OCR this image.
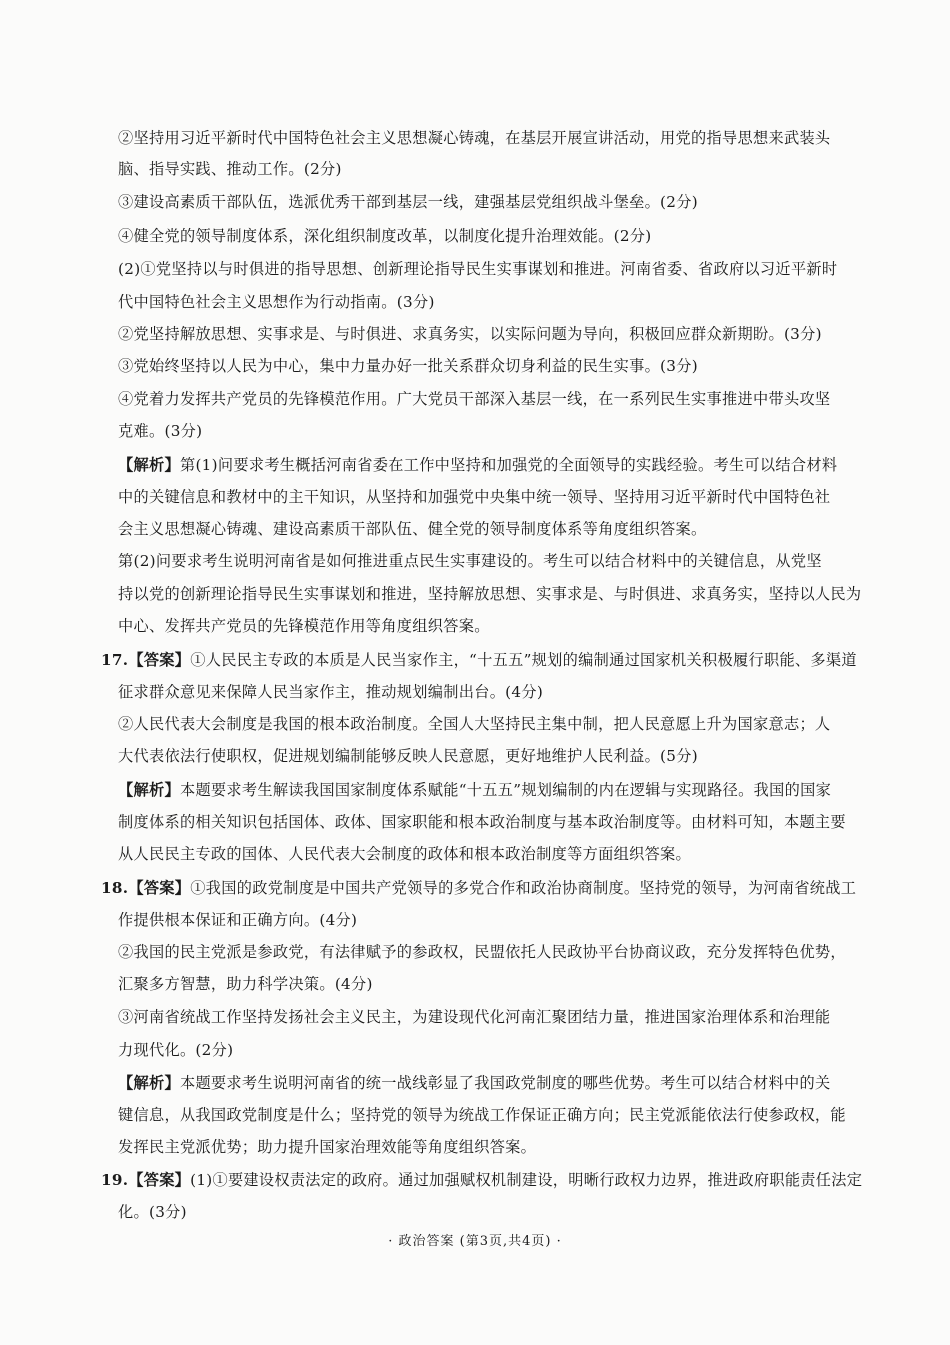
②坚持用习近平新时代中国特色社会主义思想凝心铸魂，在基层开展宣讲活动，用党的指导思想来武装头
脑、指导实践、推动工作。(2分)
③建设高素质干部队伍，选派优秀干部到基层一线，建强基层党组织战斗堡垒。(2分)
④健全党的领导制度体系，深化组织制度改革，以制度化提升治理效能。(2分)
(2)①党坚持以与时俱进的指导思想、创新理论指导民生实事谋划和推进。河南省委、省政府以习近平新时
代中国特色社会主义思想作为行动指南。(3分)
②党坚持解放思想、实事求是、与时俱进、求真务实，以实际问题为导向，积极回应群众新期盼。(3分)
③党始终坚持以人民为中心，集中力量办好一批关系群众切身利益的民生实事。(3分)
④党着力发挥共产党员的先锋模范作用。广大党员干部深入基层一线，在一系列民生实事推进中带头攻坚
克难。(3分)
【解析】第(1)问要求考生概括河南省委在工作中坚持和加强党的全面领导的实践经验。考生可以结合材料
中的关键信息和教材中的主干知识，从坚持和加强党中央集中统一领导、坚持用习近平新时代中国特色社
会主义思想凝心铸魂、建设高素质干部队伍、健全党的领导制度体系等角度组织答案。
第(2)问要求考生说明河南省是如何推进重点民生实事建设的。考生可以结合材料中的关键信息，从党坚
持以党的创新理论指导民生实事谋划和推进，坚持解放思想、实事求是、与时俱进、求真务实，坚持以人民为
中心、发挥共产党员的先锋模范作用等角度组织答案。
17.【答案】①人民民主专政的本质是人民当家作主，“十五五”规划的编制通过国家机关积极履行职能、多渠道
征求群众意见来保障人民当家作主，推动规划编制出台。(4分)
②人民代表大会制度是我国的根本政治制度。全国人大坚持民主集中制，把人民意愿上升为国家意志；人
大代表依法行使职权，促进规划编制能够反映人民意愿，更好地维护人民利益。(5分)
【解析】本题要求考生解读我国国家制度体系赋能“十五五”规划编制的内在逻辑与实现路径。我国的国家
制度体系的相关知识包括国体、政体、国家职能和根本政治制度与基本政治制度等。由材料可知，本题主要
从人民民主专政的国体、人民代表大会制度的政体和根本政治制度等方面组织答案。
18.【答案】①我国的政党制度是中国共产党领导的多党合作和政治协商制度。坚持党的领导，为河南省统战工
作提供根本保证和正确方向。(4分)
②我国的民主党派是参政党，有法律赋予的参政权，民盟依托人民政协平台协商议政，充分发挥特色优势，
汇聚多方智慧，助力科学决策。(4分)
③河南省统战工作坚持发扬社会主义民主，为建设现代化河南汇聚团结力量，推进国家治理体系和治理能
力现代化。(2分)
【解析】本题要求考生说明河南省的统一战线彰显了我国政党制度的哪些优势。考生可以结合材料中的关
键信息，从我国政党制度是什么；坚持党的领导为统战工作保证正确方向；民主党派能依法行使参政权，能
发挥民主党派优势；助力提升国家治理效能等角度组织答案。
19.【答案】(1)①要建设权责法定的政府。通过加强赋权机制建设，明晰行政权力边界，推进政府职能责任法定
化。(3分)
· 政治答案 (第3页,共4页) ·
